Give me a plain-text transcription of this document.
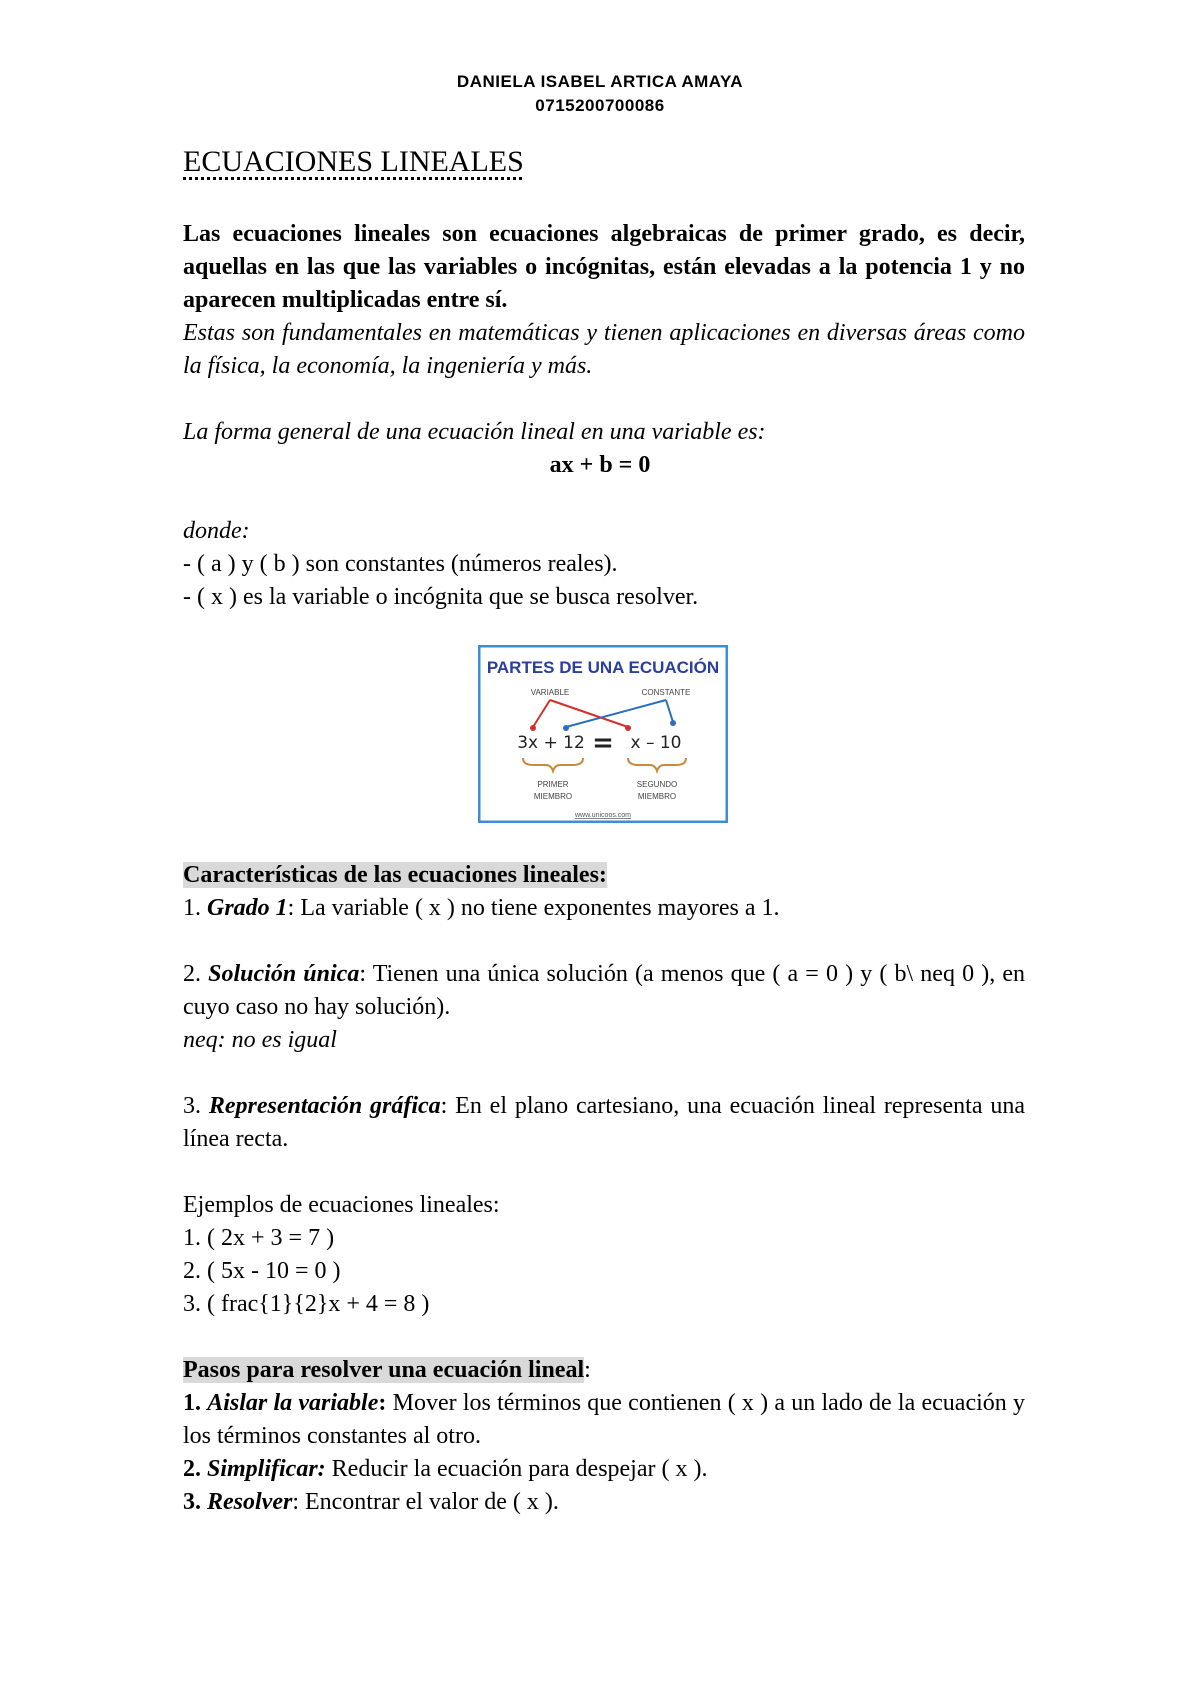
DANIELA ISABEL ARTICA AMAYA
0715200700086
ECUACIONES LINEALES
Las ecuaciones lineales son ecuaciones algebraicas de primer grado, es decir, aquellas en las que las variables o incógnitas, están elevadas a la potencia 1 y no aparecen multiplicadas entre sí.
Estas son fundamentales en matemáticas y tienen aplicaciones en diversas áreas como la física, la economía, la ingeniería y más.
La forma general de una ecuación lineal en una variable es:
ax + b = 0
donde:
- ( a ) y ( b ) son constantes (números reales).
- ( x ) es la variable o incógnita que se busca resolver.
PARTES DE UNA ECUACIÓN
VARIABLE	CONSTANTE
3x + 12 = x – 10
PRIMER
MIEMBRO
SEGUNDO
MIEMBRO
www.unicoos.com
Características de las ecuaciones lineales:
1. Grado 1: La variable ( x ) no tiene exponentes mayores a 1.
2. Solución única: Tienen una única solución (a menos que ( a = 0 ) y ( b\ neq 0 ), en cuyo caso no hay solución).
neq: no es igual
3. Representación gráfica: En el plano cartesiano, una ecuación lineal representa una línea recta.
Ejemplos de ecuaciones lineales:
1. ( 2x + 3 = 7 )
2. ( 5x - 10 = 0 )
3. ( frac{1}{2}x + 4 = 8 )
Pasos para resolver una ecuación lineal:
1. Aislar la variable: Mover los términos que contienen ( x ) a un lado de la ecuación y los términos constantes al otro.
2. Simplificar: Reducir la ecuación para despejar ( x ).
3. Resolver: Encontrar el valor de ( x ).
